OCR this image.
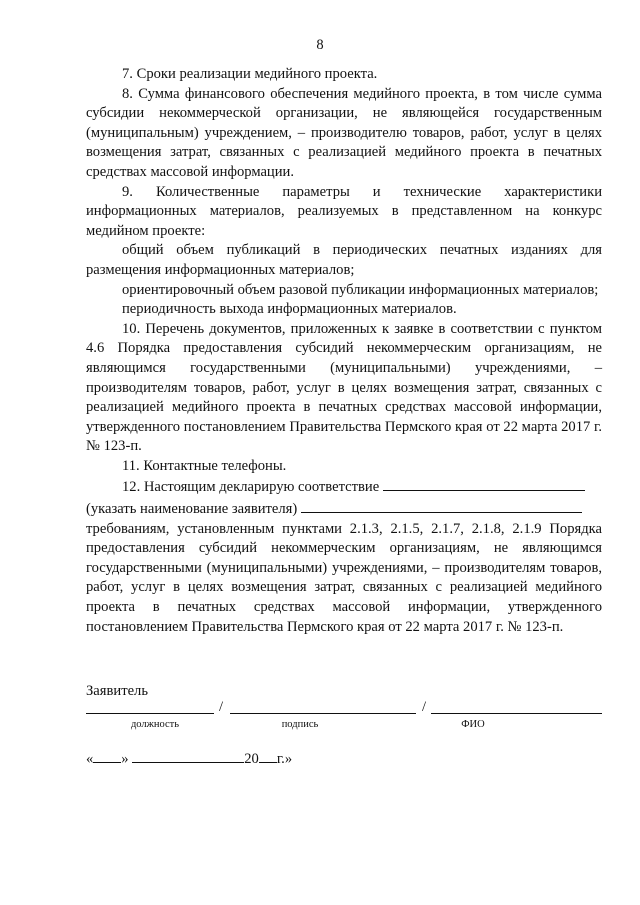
8

7. Сроки реализации медийного проекта.

8. Сумма финансового обеспечения медийного проекта, в том числе сумма субсидии некоммерческой организации, не являющейся государственным (муниципальным) учреждением, – производителю товаров, работ, услуг в целях возмещения затрат, связанных с реализацией медийного проекта в печатных средствах массовой информации.

9. Количественные параметры и технические характеристики информационных материалов, реализуемых в представленном на конкурс медийном проекте:

общий объем публикаций в периодических печатных изданиях для размещения информационных материалов;

ориентировочный объем разовой публикации информационных материалов;

периодичность выхода информационных материалов.

10. Перечень документов, приложенных к заявке в соответствии с пунктом 4.6 Порядка предоставления субсидий некоммерческим организациям, не являющимся государственными (муниципальными) учреждениями, – производителям товаров, работ, услуг в целях возмещения затрат, связанных с реализацией медийного проекта в печатных средствах массовой информации, утвержденного постановлением Правительства Пермского края от 22 марта 2017 г. № 123-п.

11. Контактные телефоны.

12. Настоящим декларирую соответствие

(указать наименование заявителя)

требованиям, установленным пунктами 2.1.3, 2.1.5, 2.1.7, 2.1.8, 2.1.9 Порядка предоставления субсидий некоммерческим организациям, не являющимся государственными (муниципальными) учреждениями, – производителям товаров, работ, услуг в целях возмещения затрат, связанных с реализацией медийного проекта в печатных средствах массовой информации, утвержденного постановлением Правительства Пермского края от 22 марта 2017 г. № 123-п.

Заявитель
/	/
должность	подпись	ФИО
« »	20 г.»
